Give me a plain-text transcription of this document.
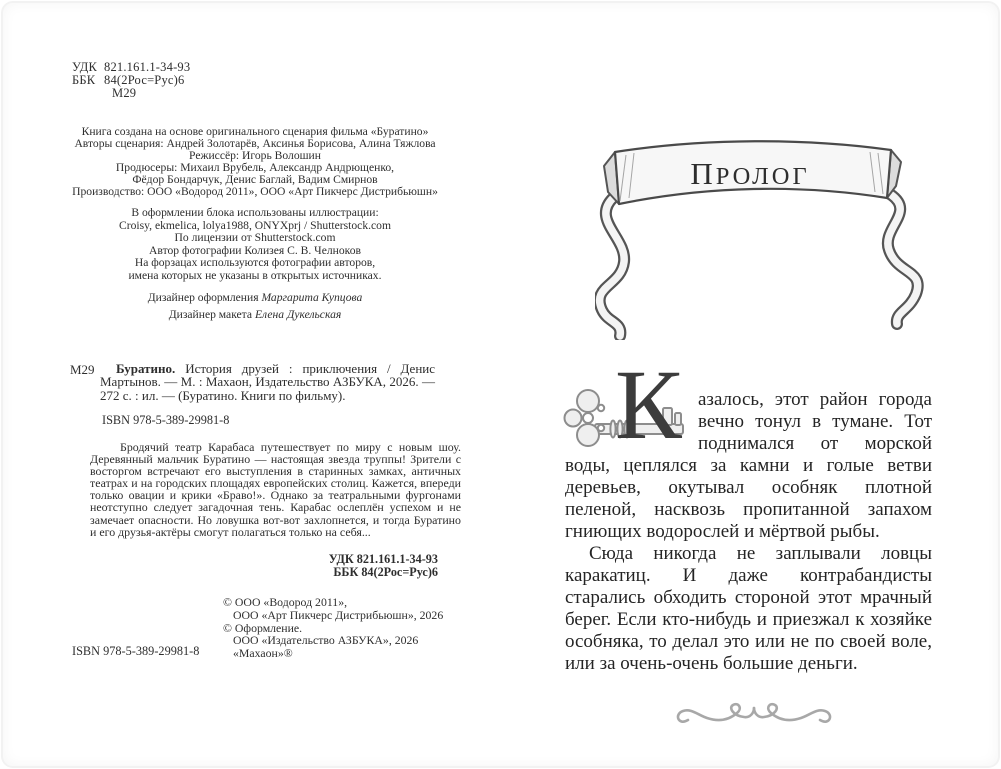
УДК 821.161.1-34-93
ББК 84(2Рос=Рус)6
М29
Книга создана на основе оригинального сценария фильма «Буратино»
Авторы сценария: Андрей Золотарёв, Аксинья Борисова, Алина Тяжлова
Режиссёр: Игорь Волошин
Продюсеры: Михаил Врубель, Александр Андрющенко,
Фёдор Бондарчук, Денис Баглай, Вадим Смирнов
Производство: ООО «Водород 2011», ООО «Арт Пикчерс Дистрибьюшн»
В оформлении блока использованы иллюстрации:
Croisy, ekmelica, lolya1988, ONYXprj / Shutterstock.com
По лицензии от Shutterstock.com
Автор фотографии Колизея С. В. Челноков
На форзацах используются фотографии авторов,
имена которых не указаны в открытых источниках.
Дизайнер оформления Маргарита Купцова
Дизайнер макета Елена Дукельская
М29	Буратино. История друзей : приключения / Денис Мартынов. — М. : Махаон, Издательство АЗБУКА, 2026. — 272 с. : ил. — (Буратино. Книги по фильму).

ISBN 978-5-389-29981-8

Бродячий театр Карабаса путешествует по миру с новым шоу. Деревянный мальчик Буратино — настоящая звезда труппы! Зрители с восторгом встречают его выступления в старинных замках, античных театрах и на городских площадях европейских столиц. Кажется, впереди только овации и крики «Браво!». Однако за театральными фургонами неотступно следует загадочная тень. Карабас ослеплён успехом и не замечает опасности. Но ловушка вот-вот захлопнется, и тогда Буратино и его друзья-актёры смогут полагаться только на себя...

УДК 821.161.1-34-93
ББК 84(2Рос=Рус)6
© ООО «Водород 2011»,
ООО «Арт Пикчерс Дистрибьюшн», 2026
© Оформление.
ООО «Издательство АЗБУКА», 2026
«Махаон»®
ISBN 978-5-389-29981-8
ПРОЛОГ
К азалось, этот район города вечно тонул в тумане. Тот поднимался от морской воды, цеплялся за камни и голые ветви деревьев, окутывал особняк плотной пеленой, насквозь пропитанной запахом гниющих водорослей и мёртвой рыбы.

Сюда никогда не заплывали ловцы каракатиц. И даже контрабандисты старались обходить стороной этот мрачный берег. Если кто-нибудь и приезжал к хозяйке особняка, то делал это или не по своей воле, или за очень-очень большие деньги.
